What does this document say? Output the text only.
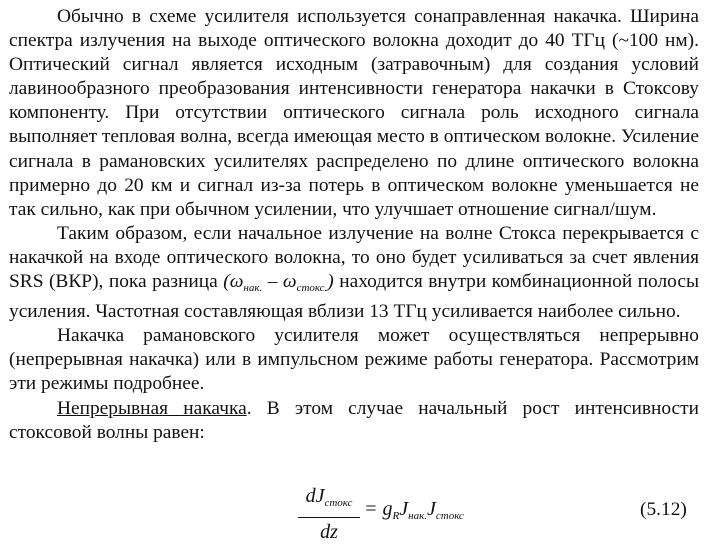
Обычно в схеме усилителя используется сонаправленная накачка. Ширина спектра излучения на выходе оптического волокна доходит до 40 ТГц (~100 нм). Оптический сигнал является исходным (затравочным) для создания условий лавинообразного преобразования интенсивности генератора накачки в Стоксову компоненту. При отсутствии оптического сигнала роль исходного сигнала выполняет тепловая волна, всегда имеющая место в оптическом волокне. Усиление сигнала в рамановских усилителях распределено по длине оптического волокна примерно до 20 км и сигнал из-за потерь в оптическом волокне уменьшается не так сильно, как при обычном усилении, что улучшает отношение сигнал/шум.

Таким образом, если начальное излучение на волне Стокса перекрывается с накачкой на входе оптического волокна, то оно будет усиливаться за счет явления SRS (ВКР), пока разница $(\omega_{нак.} - \omega_{стокс.})$ находится внутри комбинационной полосы усиления. Частотная составляющая вблизи 13 ТГц усиливается наиболее сильно.

Накачка рамановского усилителя может осуществляться непрерывно (непрерывная накачка) или в импульсном режиме работы генератора. Рассмотрим эти режимы подробнее.

Непрерывная накачка. В этом случае начальный рост интенсивности стоксовой волны равен:

$dJ_{стокс}$
dz
= $g_RJ_{нак.}J_{стокс}$	(5.12)
